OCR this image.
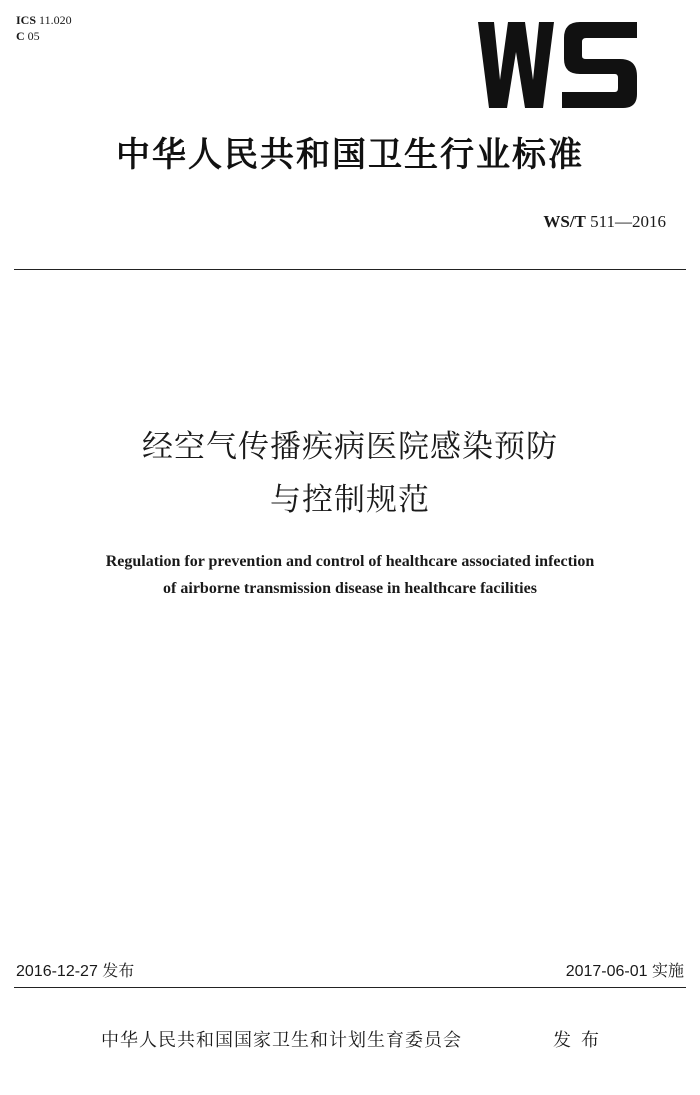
ICS 11.020
C 05
中华人民共和国卫生行业标准
WS/T 511—2016
经空气传播疾病医院感染预防
与控制规范
Regulation for prevention and control of healthcare associated infection
of airborne transmission disease in healthcare facilities
2016-12-27 发布	2017-06-01 实施
中华人民共和国国家卫生和计划生育委员会	发布
